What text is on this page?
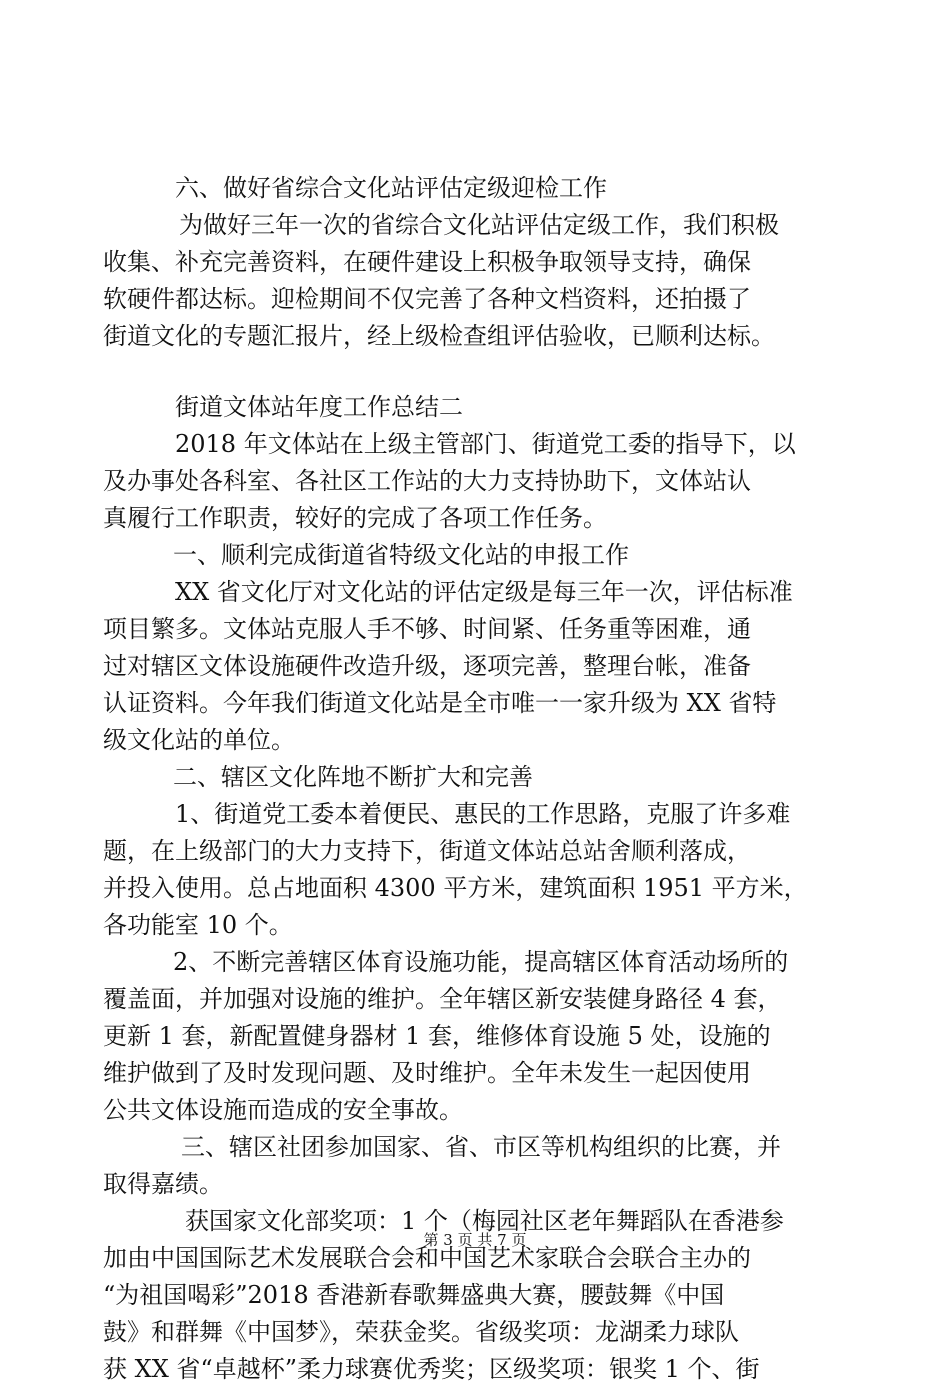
六、做好省综合文化站评估定级迎检工作
为做好三年一次的省综合文化站评估定级工作，我们积极
收集、补充完善资料，在硬件建设上积极争取领导支持，确保
软硬件都达标。迎检期间不仅完善了各种文档资料，还拍摄了
街道文化的专题汇报片，经上级检查组评估验收，已顺利达标。
街道文体站年度工作总结二
2018 年文体站在上级主管部门、街道党工委的指导下，以
及办事处各科室、各社区工作站的大力支持协助下，文体站认
真履行工作职责，较好的完成了各项工作任务。
一、顺利完成街道省特级文化站的申报工作
XX 省文化厅对文化站的评估定级是每三年一次，评估标准
项目繁多。文体站克服人手不够、时间紧、任务重等困难，通
过对辖区文体设施硬件改造升级，逐项完善，整理台帐，准备
认证资料。今年我们街道文化站是全市唯一一家升级为 XX 省特
级文化站的单位。
二、辖区文化阵地不断扩大和完善
1、街道党工委本着便民、惠民的工作思路，克服了许多难
题，在上级部门的大力支持下，街道文体站总站舍顺利落成，
并投入使用。总占地面积 4300 平方米，建筑面积 1951 平方米，
各功能室 10 个。
2、不断完善辖区体育设施功能，提高辖区体育活动场所的
覆盖面，并加强对设施的维护。全年辖区新安装健身路径 4 套，
更新 1 套，新配置健身器材 1 套，维修体育设施 5 处，设施的
维护做到了及时发现问题、及时维护。全年未发生一起因使用
公共文体设施而造成的安全事故。
三、辖区社团参加国家、省、市区等机构组织的比赛，并
取得嘉绩。
获国家文化部奖项：1 个（梅园社区老年舞蹈队在香港参
加由中国国际艺术发展联合会和中国艺术家联合会联合主办的
“为祖国喝彩”2018 香港新春歌舞盛典大赛，腰鼓舞《中国
鼓》和群舞《中国梦》，荣获金奖。省级奖项：龙湖柔力球队
获 XX 省“卓越杯”柔力球赛优秀奖；区级奖项：银奖 1 个、街
第 3 页 共 7 页
